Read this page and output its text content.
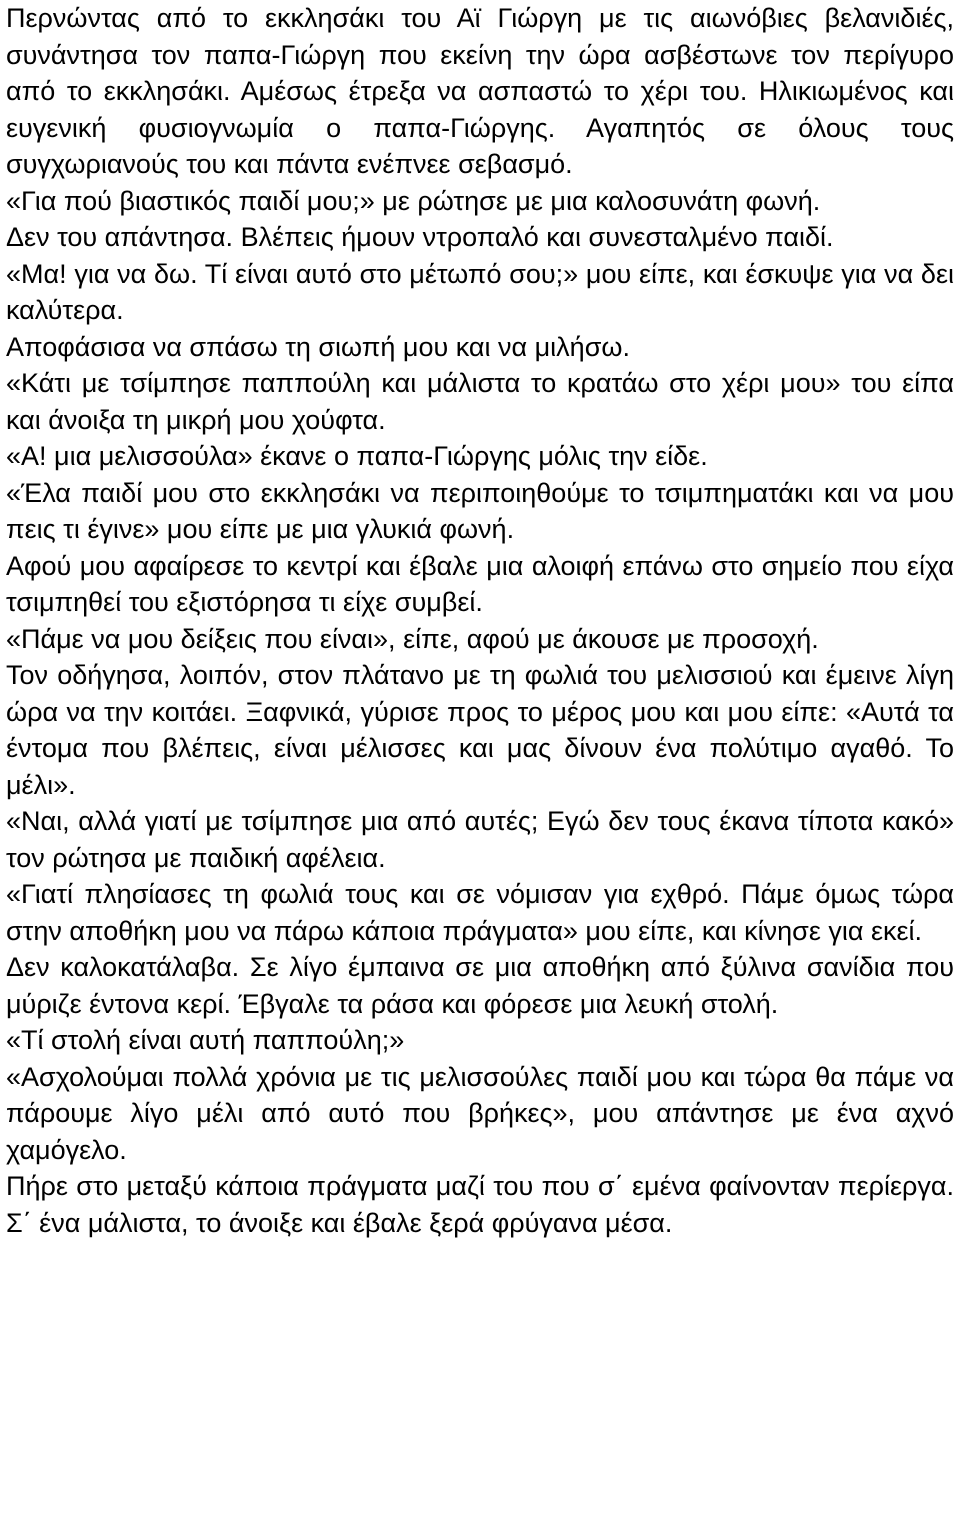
Περνώντας από το εκκλησάκι του Αϊ Γιώργη με τις αιωνόβιες βελανιδιές, συνάντησα τον παπα-Γιώργη που εκείνη την ώρα ασβέστωνε τον περίγυρο από το εκκλησάκι. Αμέσως έτρεξα να ασπαστώ το χέρι του. Ηλικιωμένος και ευγενική φυσιογνωμία ο παπα-Γιώργης. Αγαπητός σε όλους τους συγχωριανούς του και πάντα ενέπνεε σεβασμό.

«Για πού βιαστικός παιδί μου;» με ρώτησε με μια καλοσυνάτη φωνή.

Δεν του απάντησα. Βλέπεις ήμουν ντροπαλό και συνεσταλμένο παιδί.

«Μα! για να δω. Τί είναι αυτό στο μέτωπό σου;» μου είπε, και έσκυψε για να δει καλύτερα.

Αποφάσισα να σπάσω τη σιωπή μου και να μιλήσω.

«Κάτι με τσίμπησε παππούλη και μάλιστα το κρατάω στο χέρι μου» του είπα και άνοιξα τη μικρή μου χούφτα.

«Α! μια μελισσούλα» έκανε ο παπα-Γιώργης μόλις την είδε.

«Έλα παιδί μου στο εκκλησάκι να περιποιηθούμε το τσιμπηματάκι και να μου πεις τι έγινε» μου είπε με μια γλυκιά φωνή.

Αφού μου αφαίρεσε το κεντρί και έβαλε μια αλοιφή επάνω στο σημείο που είχα τσιμπηθεί του εξιστόρησα τι είχε συμβεί.

«Πάμε να μου δείξεις που είναι», είπε, αφού με άκουσε με προσοχή.

Τον οδήγησα, λοιπόν, στον πλάτανο με τη φωλιά του μελισσιού και έμεινε λίγη ώρα να την κοιτάει. Ξαφνικά, γύρισε προς το μέρος μου και μου είπε: «Αυτά τα έντομα που βλέπεις, είναι μέλισσες και μας δίνουν ένα πολύτιμο αγαθό. Το μέλι».

«Ναι, αλλά γιατί με τσίμπησε μια από αυτές; Εγώ δεν τους έκανα τίποτα κακό» τον ρώτησα με παιδική αφέλεια.

«Γιατί πλησίασες τη φωλιά τους και σε νόμισαν για εχθρό. Πάμε όμως τώρα στην αποθήκη μου να πάρω κάποια πράγματα» μου είπε, και κίνησε για εκεί.

Δεν καλοκατάλαβα. Σε λίγο έμπαινα σε μια αποθήκη από ξύλινα σανίδια που μύριζε έντονα κερί. Έβγαλε τα ράσα και φόρεσε μια λευκή στολή.

«Τί στολή είναι αυτή παππούλη;»

«Ασχολούμαι πολλά χρόνια με τις μελισσούλες παιδί μου και τώρα θα πάμε να πάρουμε λίγο μέλι από αυτό που βρήκες», μου απάντησε με ένα αχνό χαμόγελο.

Πήρε στο μεταξύ κάποια πράγματα μαζί του που σ΄ εμένα φαίνονταν περίεργα. Σ΄ ένα μάλιστα, το άνοιξε και έβαλε ξερά φρύγανα μέσα.
